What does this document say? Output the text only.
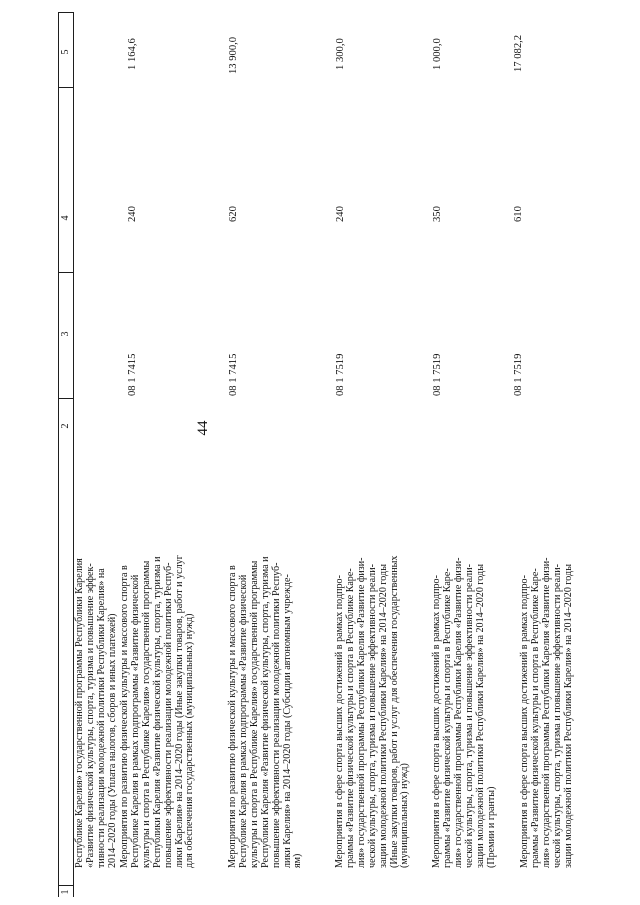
44
5
4
3
2
1
Республике Карелия» государственной программы Республики Карелия «Развитие физической культуры, спорта, туризма и повышение эффек- тивности реализации молодежной политики Республики Карелия» на 2014–2020 годы (Уплата налогов, сборов и иных платежей) Мероприятия по развитию физической культуры и массового спорта в Республике Карелия в рамках подпрограммы «Развитие физической культуры и спорта в Республике Карелия» государственной программы Республики Карелия «Развитие физической культуры, спорта, туризма и повышение эффективности реализации молодежной политики Респуб- лики Карелия» на 2014–2020 годы (Иные закупки товаров, работ и услуг для обеспечения государственных (муниципальных) нужд)
08 1 7415
240
1 164,6
Мероприятия по развитию физической культуры и массового спорта в Республике Карелия в рамках подпрограммы «Развитие физической культуры и спорта в Республике Карелия» государственной программы Республики Карелия «Развитие физической культуры, спорта, туризма и повышение эффективности реализации молодежной политики Респуб- лики Карелия» на 2014–2020 годы (Субсидии автономным учрежде- ям)
08 1 7415
620
13 900,0
Мероприятия в сфере спорта высших достижений в рамках подпро- граммы «Развитие физической культуры и спорта в Республике Каре- лия» государственной программы Республики Карелия «Развитие физи- ческой культуры, спорта, туризма и повышение эффективности реали- зации молодежной политики Республики Карелия» на 2014–2020 годы (Иные закупки товаров, работ и услуг для обеспечения государственных (муниципальных) нужд)
08 1 7519
240
1 300,0
Мероприятия в сфере спорта высших достижений в рамках подпро- граммы «Развитие физической культуры и спорта в Республике Каре- лия» государственной программы Республики Карелия «Развитие физи- ческой культуры, спорта, туризма и повышение эффективности реали- зации молодежной политики Республики Карелия» на 2014–2020 годы (Премии и гранты)
08 1 7519
350
1 000,0
Мероприятия в сфере спорта высших достижений в рамках подпро- граммы «Развитие физической культуры и спорта в Республике Каре- лия» государственной программы Республики Карелия «Развитие физи- ческой культуры, спорта, туризма и повышение эффективности реали- зации молодежной политики Республики Карелия» на 2014–2020 годы
08 1 7519
610
17 082,2
